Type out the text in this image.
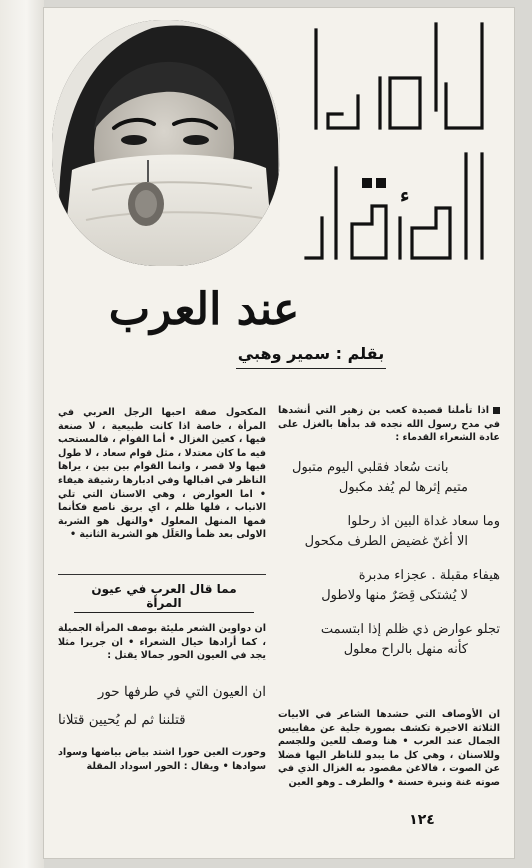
ء
عند العرب
بقلم : سمير وهبي
اذا تأملنا قصيدة كعب بن زهير التي أنشدها في مدح رسول الله نجده قد بدأها بالغزل على عادة الشعراء القدماء :
بانت سُعاد فقلبي اليوم متبول
متيم إثرها لم يُفد مكبول
وما سعاد غداة البين اذ رحلوا
الا أغنّ غضيض الطرف مكحول
هيفاء مقبلة . عجزاء مدبرة
لا يُشتكى قِصَرٌ منها ولاطول
تجلو عوارض ذي ظلم إذا ابتسمت
كأنه منهل بالراح معلول
ان الأوصاف التي حشدها الشاعر في الابيات الثلاثة الاخيرة تكشف بصورة جلية عن مقاييس الجمال عند العرب • هنا وصف للعين وللجسم وللاسنان ، وهي كل ما يبدو للناظر اليها فضلا عن الصوت ، فالاغن مقصود به الغزال الذي في صوته غنة ونبرة حسنة • والطرف ـ وهو العين
المكحول صفة احبها الرجل العربي في المرأة ، خاصة اذا كانت طبيعية ، لا صنعة فيها ، كعين الغزال • أما القوام ، فالمستحب فيه ما كان معتدلا ، مثل قوام سعاد ، لا طول فيها ولا قصر ، وانما القوام بين بين ، يراها الناظر في اقبالها وفي ادبارها رشيقة هيفاء • اما العوارض ، وهي الاسنان التي تلي الانياب ، فلها ظلم ، اي بريق ناصع فكأنما فمها المنهل المعلول •والنهل هو الشربة الاولى بعد ظمأ والعَلَل هو الشربة الثانية •
مما قال العرب في عيون المرأة
ان دواوين الشعر مليئة بوصف المرأة الجميلة ، كما أرادها خيال الشعراء • ان جريرا مثلا يجد في العيون الحور جمالا يقتل :
ان العيون التي في طرفها حور
قتلننا ثم لم يُحيين قتلانا
وحورت العين حورا اشتد بياض بياضها وسواد سوادها • ويقال : الحور اسوداد المقلة
١٢٤
